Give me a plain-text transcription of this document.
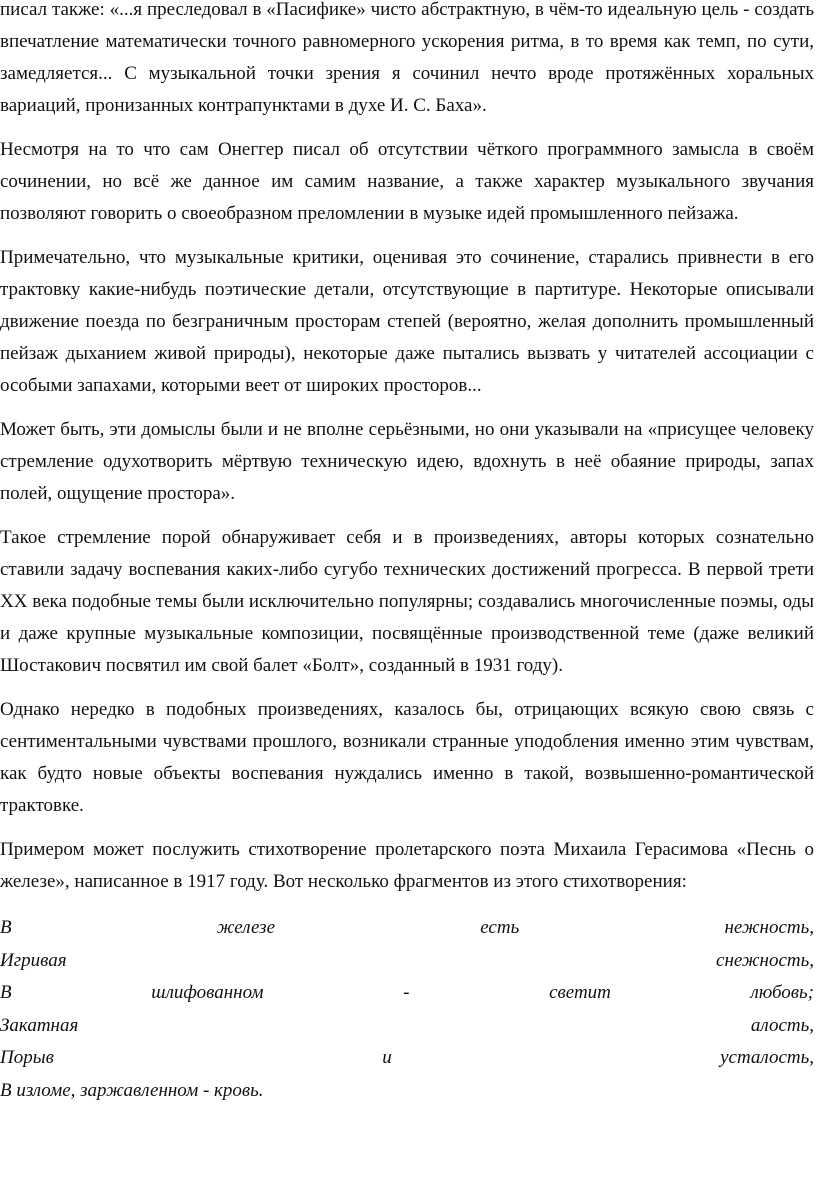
писал также: «...я преследовал в «Пасифике» чисто абстрактную, в чём-то идеальную цель - создать впечатление математически точного равномерного ускорения ритма, в то время как темп, по сути, замедляется... С музыкальной точки зрения я сочинил нечто вроде протяжённых хоральных вариаций, пронизанных контрапунктами в духе И. С. Баха».

Несмотря на то что сам Онеггер писал об отсутствии чёткого программного замысла в своём сочинении, но всё же данное им самим название, а также характер музыкального звучания позволяют говорить о своеобразном преломлении в музыке идей промышленного пейзажа.

Примечательно, что музыкальные критики, оценивая это сочинение, старались привнести в его трактовку какие-нибудь поэтические детали, отсутствующие в партитуре. Некоторые описывали движение поезда по безграничным просторам степей (вероятно, желая дополнить промышленный пейзаж дыханием живой природы), некоторые даже пытались вызвать у читателей ассоциации с особыми запахами, которыми веет от широких просторов...

Может быть, эти домыслы были и не вполне серьёзными, но они указывали на «присущее человеку стремление одухотворить мёртвую техническую идею, вдохнуть в неё обаяние природы, запах полей, ощущение простора».

Такое стремление порой обнаруживает себя и в произведениях, авторы которых сознательно ставили задачу воспевания каких-либо сугубо технических достижений прогресса. В первой трети XX века подобные темы были исключительно популярны; создавались многочисленные поэмы, оды и даже крупные музыкальные композиции, посвящённые производственной теме (даже великий Шостакович посвятил им свой балет «Болт», созданный в 1931 году).

Однако нередко в подобных произведениях, казалось бы, отрицающих всякую свою связь с сентиментальными чувствами прошлого, возникали странные уподобления именно этим чувствам, как будто новые объекты воспевания нуждались именно в такой, возвышенно-романтической трактовке.

Примером может послужить стихотворение пролетарского поэта Михаила Герасимова «Песнь о железе», написанное в 1917 году. Вот несколько фрагментов из этого стихотворения:

В железе есть нежность,
Игривая снежность,
В шлифованном - светит любовь;
Закатная алость,
Порыв и усталость,
В изломе, заржавленном - кровь.
